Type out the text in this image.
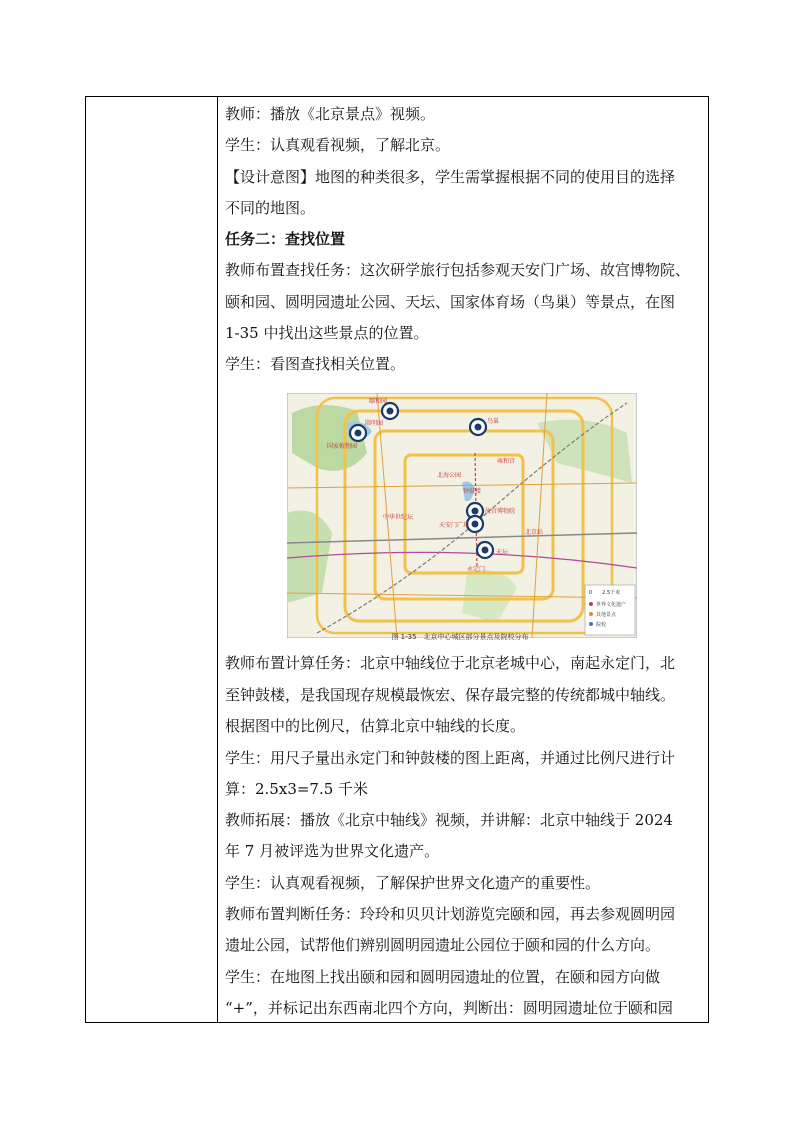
教师：播放《北京景点》视频。
学生：认真观看视频，了解北京。
【设计意图】地图的种类很多，学生需掌握根据不同的使用目的选择
不同的地图。
任务二：查找位置
教师布置查找任务：这次研学旅行包括参观天安门广场、故宫博物院、
颐和园、圆明园遗址公园、天坛、国家体育场（鸟巢）等景点，在图
1-35 中找出这些景点的位置。
学生：看图查找相关位置。
颐和园
国家植物园
圆明园	鸟巢
钟鼓楼
故宫博物院
天安门广场
天坛
永定门
北京站
雍和宫
中华世纪坛
北海公园
0　　2.5千米
世界文化遗产
其他景点
院校
图 1-35　北京中心城区部分景点及院校分布
教师布置计算任务：北京中轴线位于北京老城中心，南起永定门，北
至钟鼓楼，是我国现存规模最恢宏、保存最完整的传统都城中轴线。
根据图中的比例尺，估算北京中轴线的长度。
学生：用尺子量出永定门和钟鼓楼的图上距离，并通过比例尺进行计
算：2.5x3=7.5 千米
教师拓展：播放《北京中轴线》视频，并讲解：北京中轴线于 2024
年 7 月被评选为世界文化遗产。
学生：认真观看视频，了解保护世界文化遗产的重要性。
教师布置判断任务：玲玲和贝贝计划游览完颐和园，再去参观圆明园
遗址公园，试帮他们辨别圆明园遗址公园位于颐和园的什么方向。
学生：在地图上找出颐和园和圆明园遗址的位置，在颐和园方向做
“+”，并标记出东西南北四个方向，判断出：圆明园遗址位于颐和园
